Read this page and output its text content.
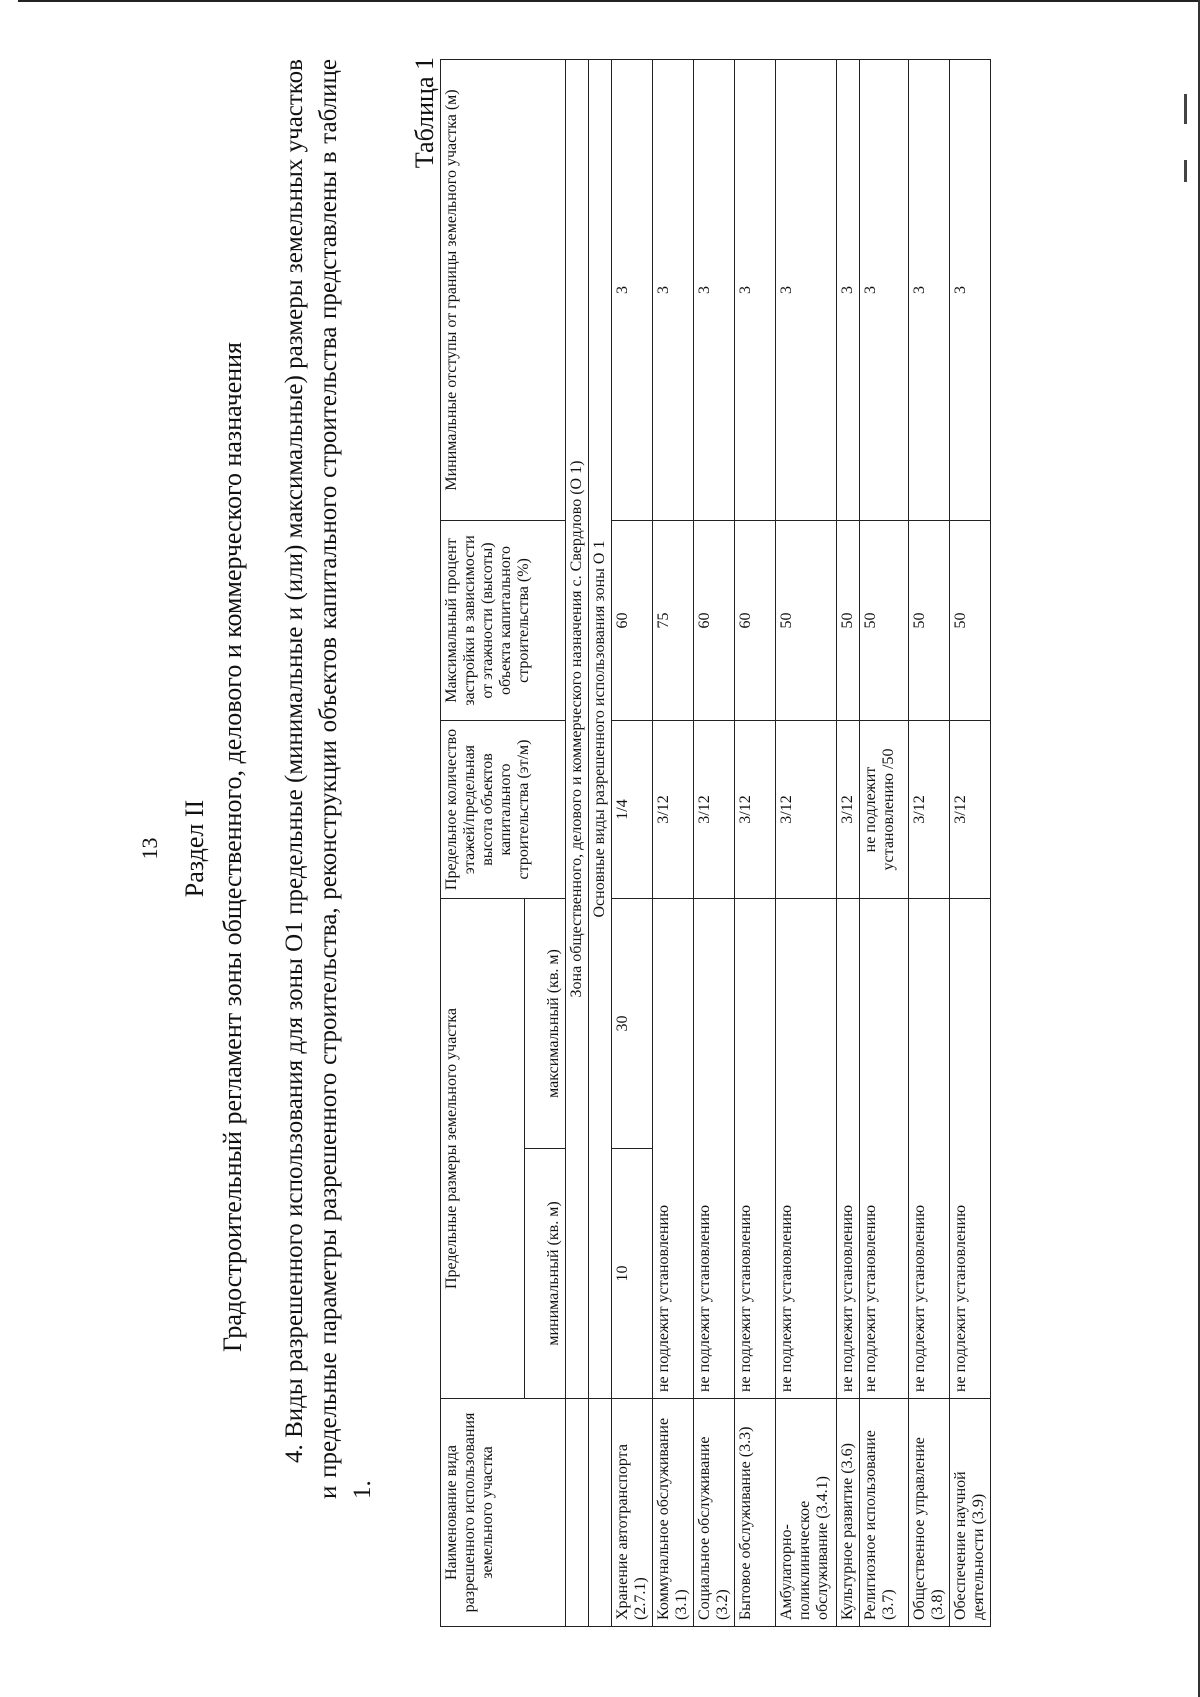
13 Раздел II Градостроительный регламент зоны общественного, делового и коммерческого назначения 4. Виды разрешенного использования для зоны О1 предельные (минимальные и (или) максимальные) размеры земельных участков и предельные параметры разрешенного строительства, реконструкции объектов капитального строительства представлены в таблице 1.
Таблица 1
Наименование вида разрешенного использования земельного участка	Предельные размеры земельного участка		Предельное количество этажей/предельная высота объектов капитального строительства (эт/м)	Максимальный процент застройки в зависимости от этажности (высоты) объекта капитального строительства (%)	Минимальные отступы от границы земельного участка (м)
	минимальный (кв. м)	максимальный (кв. м)			
	Зона общественного, делового и коммерческого назначения с. Свердлово (О 1)				
	Основные виды разрешенного использования зоны О 1				
Хранение автотранспорта (2.7.1)	10	30	1/4	60	3
Коммунальное обслуживание (3.1)	не подлежит установлению		3/12	75	3
Социальное обслуживание (3.2)	не подлежит установлению		3/12	60	3
Бытовое обслуживание (3.3)	не подлежит установлению		3/12	60	3
Амбулаторно-поликлиническое обслуживание (3.4.1)	не подлежит установлению		3/12	50	3
Культурное развитие (3.6)	не подлежит установлению		3/12	50	3
Религиозное использование (3.7)	не подлежит установлению		не подлежит установлению /50	50	3
Общественное управление (3.8)	не подлежит установлению		3/12	50	3
Обеспечение научной деятельности (3.9)	не подлежит установлению		3/12	50	3
